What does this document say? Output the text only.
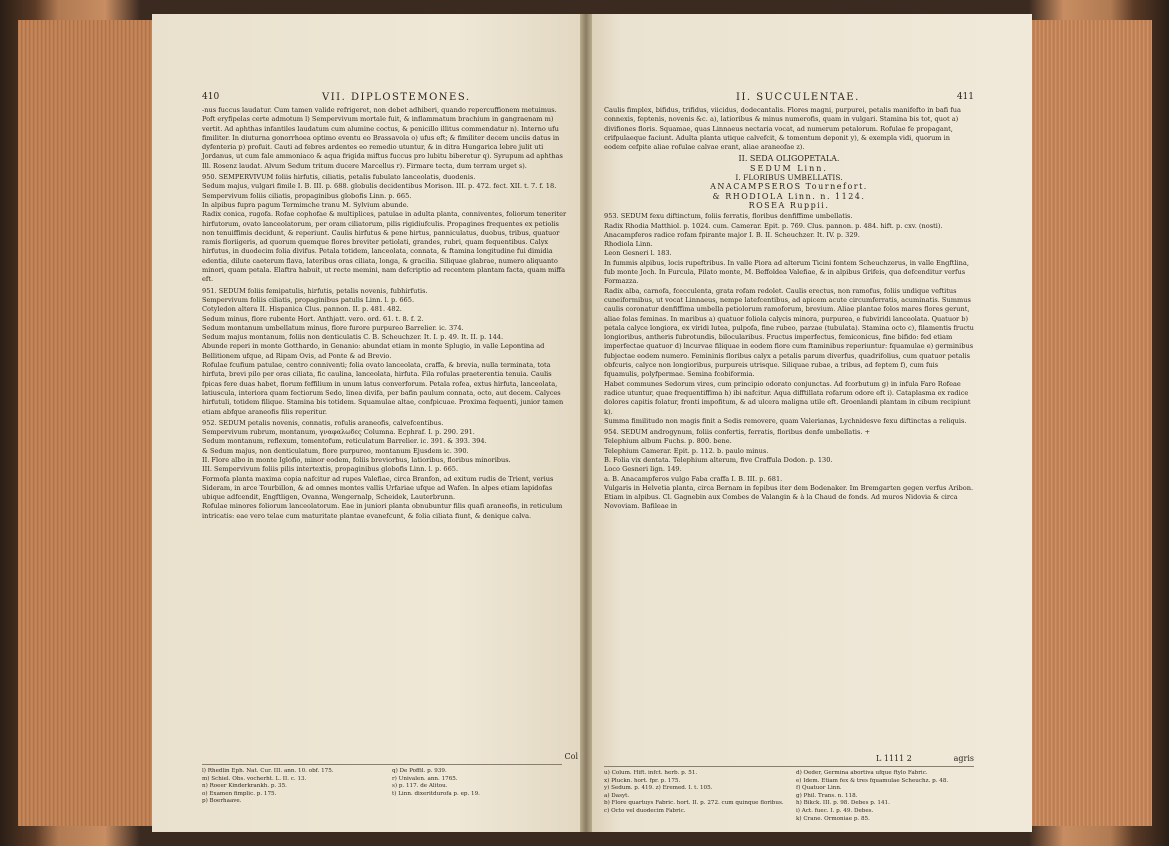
410	VII. DIPLOSTEMONES.

-nus fuccus laudatur. Cum tamen valide refrigeret, non debet adhiberi, quando repercuffionem metuimus. Poft eryfipelas certe admotum l) Sempervivum mortale fuit, & inflammatum brachium in gangraenam m) vertit. Ad aphthas infantiles laudatum cum alumine coctus, & penicillo illitus commendatur n). Interno ufu fimiliter. In diuturna gonorrhoea optimo eventu eo Brassavola o) ufus eft; & fimiliter decem unciis datus in dyfenteria p) profuit. Cauti ad febres ardentes eo remedio utuntur, & in ditra Hungarica lebre julit uti Jordanus, ut cum fale ammoniaco & aqua frigida miftus fuccus pro lubitu biberetur q). Syrupum ad aphthas Ill. Rosenz laudat. Alvum Sedum tritum ducere Marcellus r). Firmare tecta, dum terram urget s).

950. SEMPERVIVUM foliis hirfutis, ciliatis, petalis fubulato lanceolatis, duodenis.

Sedum majus, vulgari fimile I. B. III. p. 688. globulis decidentibus Morison. III. p. 472. fect. XII. t. 7. f. 18.

Sempervivum foliis ciliatis, propaginibus globofis Linn. p. 665.

In alpibus fupra pagum Termimche tranu M. Sylvium abunde.

Radix conica, rugofa. Rofae cophofae & multiplices, patulae in adulta planta, conniventes, foliorum teneriter hirfutorum, ovato lanceolatorum, per oram ciliatorum, pilis rigidiufculis. Propagines frequentes ex petiolis non tenuiffimis decidunt, & reperiunt. Caulis hirfutus & pene hirtus, panniculatus, duobus, tribus, quatuor ramis floriigeris, ad quorum quemque flores breviter petiolati, grandes, rubri, quam fequentibus. Calyx hirfutus, in duodecim folia divifus. Petala totidem, lanceolata, connata, & ftamina longitudine fui dimidia edentia, dilute caeterum flava, lateribus oras ciliata, longa, & gracilia. Siliquae glabrae, numero aliquanto minori, quam petala. Elaftra habuit, ut recte memini, nam defcriptio ad recentem plantam facta, quam miffa eft.

951. SEDUM foliis femipatulis, hirfutis, petalis novenis, fubhirfutis.

Sempervivum foliis ciliatis, propaginibus patulis Linn. l. p. 665.

Cotyledon altera II. Hispanica Clus. pannon. II. p. 481. 482.

Sedum minus, flore rubente Hort. Anthjatt. vero. ord. 61. t. 8. f. 2.

Sedum montanum umbellatum minus, flore furore purpureo Barrelier. ic. 374.

Sedum majus montanum, foliis non denticulatis C. B. Scheuchzer. It. I. p. 49. It. II. p. 144.

Abunde reperi in monte Gotthardo, in Genanio: abundat etiam in monte Splugio, in valle Lepontina ad Bellitionem ufque, ad Ripam Ovis, ad Ponte & ad Brevio.

Rofulae fcufium patulae, centro conniventi; folia ovato lanceolata, craffa, & brevia, nulla terminata, tota hirfuta, brevi pilo per oras ciliata, fic caulina, lanceolata, hirfuta. Fila rofulas praeterentia tenuia. Caulis fpicas fere duas habet, florum feffilium in unum latus converforum. Petala rofea, extus hirfuta, lanceolata, latiuscula, interiora quam fectiorum Sedo, linea divifa, per bafin paulum connata, octo, aut decem. Calyces hirfutuli, totidem filique. Stamina bis totidem. Squamulae altae, confpicuae. Proxima fequenti, junior tamen etiam abfque araneofis filis reperitur.

952. SEDUM petalis novenis, connatis, rofulis araneofis, calvefcentibus.

Sempervivum rubrum, montanum, γναφαλωδες Columna. Ecphraf. I. p. 290. 291.

Sedum montanum, reflexum, tomentofum, reticulatum Barrelier. ic. 391. & 393. 394.

& Sedum majus, non denticulatum, flore purpureo, montanum Ejusdem ic. 390.

II. Flore albo in monte Iglofio, minor eodem, foliis breviorbus, latioribus, floribus minoribus.

III. Sempervivum foliis pilis intertextis, propaginibus globofis Linn. l. p. 665.

Formofa planta maxima copia nafcitur ad rupes Valefiae, circa Branfon, ad exitum rudis de Trient, verius Sideram, in arce Tourbillon, & ad omnes montes vallis Urfariae ufque ad Wafen. In alpes etiam lapidofas ubique adfcendit, Engftligen, Ovanna, Wengernalp, Scheidek, Lauterbrunn.

Rofulae minores foliorum lanceolatorum. Eae in juniori planta obnubuntur filis quafi araneofis, in reticulum intricatis: eae vero telae cum maturitate plantae evanefcunt, & folia ciliata fiunt, & denique calva.

Col
l) Rhedlin Eph. Nat. Cur. III. ann. 10. obf. 175.
m) Schiel. Obs. vocherht. L. II. c. 13.
n) Roeer Kinderkrankh. p. 35.
o) Examen fimplic. p. 175.
p) Boerhaave.
q) De Poffil. p. 939.
r) Univalen. ann. 1765.
s) p. 117. de Alitou.
t) Linn. dixeritdurofa p. ep. 19.
II. SUCCULENTAE.	411

Caulis fimplex, bifidus, trifidus, viicidus, dodecantalis. Flores magni, purpurei, petalis manifefto in bafi fua connexis, feptenis, novenis &c. a), latioribus & minus numerofis, quam in vulgari. Stamina bis tot, quot a) divifiones floris. Squamae, quas Linnaeus nectaria vocat, ad numerum petalorum. Rofulae fe propagant, crifpulaeque faciunt. Adulta planta utique calvefcit, & tomentum deponit y), & exempla vidi, quorum in eodem cefpite aliae rofulae calvae erant, aliae araneofae z).

II. SEDA OLIGOPETALA.

SEDUM Linn.

I. FLORIBUS UMBELLATIS.

ANACAMPSEROS Tournefort.

& RHODIOLA Linn. n. 1124.

ROSEA Ruppii.

953. SEDUM fexu diftinctum, foliis ferratis, floribus denfiffime umbellatis.

Radix Rhodia Matthiol. p. 1024. cum. Camerar. Epit. p. 769. Clus. pannon. p. 484. hift. p. cxv. (nosti).

Anacampferos radice rofam fpirante major I. B. II. Scheuchzer. It. IV. p. 329.

Rhodiola Linn.

Leon Gesneri l. 183.

In fummis alpibus, locis rupeftribus. In valle Piora ad alterum Ticini fontem Scheuchzerus, in valle Engftlina, fub monte Joch. In Furcula, Pilato monte, M. Beffoldea Valefiae, & in alpibus Grifeis, qua defcenditur verfus Formazza.

Radix alba, carnofa, fcecculenta, grata rofam redolet. Caulis erectus, non ramofus, foliis undique veftitus cuneiformibus, ut vocat Linnaeus, nempe latefcentibus, ad apicem acute circumferratis, acuminatis. Summus caulis coronatur denfiffima umbella petiolorum ramoforum, brevium. Aliae plantae folos mares flores gerunt, aliae folas feminas. In maribus a) quatuor foliola calycis minora, purpurea, e fubviridi lanceolata. Quatuor b) petala calyce longiora, ex viridi lutea, pulpofa, fine rubeo, parzae (tubulata). Stamina octo c), filamentis fructu longioribus, antheris fubrotundis, bilocularibus. Fructus imperfectus, femiconicus, fine bifido: fed etiam imperfectae quatuor d) lncurvae filiquae in eodem flore cum ftaminibus reperiuntur: fquamulae e) germinibus fubjectae eodem numero. Femininis floribus calyx a petalis parum diverfus, quadrifolius, cum quatuor petalis obfcuris, calyce non longioribus, purpureis utrisque. Siliquae rubae, a tribus, ad feptem f), cum fuis fquamulis, polyfpermae. Semina fcobiformia.

Habet communes Sedorum vires, cum principio odorato conjunctas. Ad fcorbutum g) in infula Faro Rofeae radice utuntur, quae frequentiffima h) ibi nafcitur. Aqua difftillata rofarum odore eft i). Cataplasma ex radice dolores capitis folatur, fronti impofitum, & ad ulcera maligna utile eft. Groenlandi plantam in cibum recipiunt k).

Summa fimilitudo non magis finit a Sedis removere, quam Valerianas, Lychnidesve fexu diftinctas a reliquis.

954. SEDUM androgynum, foliis confertis, ferratis, floribus denfe umbellatis. +

Telephium album Fuchs. p. 800. bene.

Telephium Camerar. Epit. p. 112. b. paulo minus.

B. Folia vix dentata. Telephium alterum, five Craffula Dodon. p. 130.

Loco Gesneri lign. 149.

a. B. Anacampferos vulgo Faba craffa I. B. III. p. 681.

Vulgaris in Helvetia planta, circa Bernam in fepibus iter dem Bodenaker. Im Bremgarten gegen verfus Aribon. Etiam in alpibus. Cl. Gagnebin aux Combes de Valangin & à la Chaud de fonds. Ad muros Nidovia & circa Novoviam. Bafileae in

L 1111 2	agris
u) Colum. Hift. infct. herb. p. 51.
x) Pluckn. hort. fpr. p. 175.
y) Sedum. p. 419. z) Eremed. I. t. 105.
a) Dasyt.
b) Flore quartuys Fabric. hort. II. p. 272. cum quinque floribus.
c) Octo vel duodecim Fabric.
d) Oeder, Germina abortiva ufque ftylo Fabric.
e) Idem. Etiam fex & tres fquamulae Scheuchz. p. 48.
f) Quatuor Linn.
g) Phil. Trans. n. 118.
h) Bikck. III. p. 98. Debes p. 141.
i) Act. fuec. I. p. 49. Debes.
k) Crane. Ormoniae p. 85.
